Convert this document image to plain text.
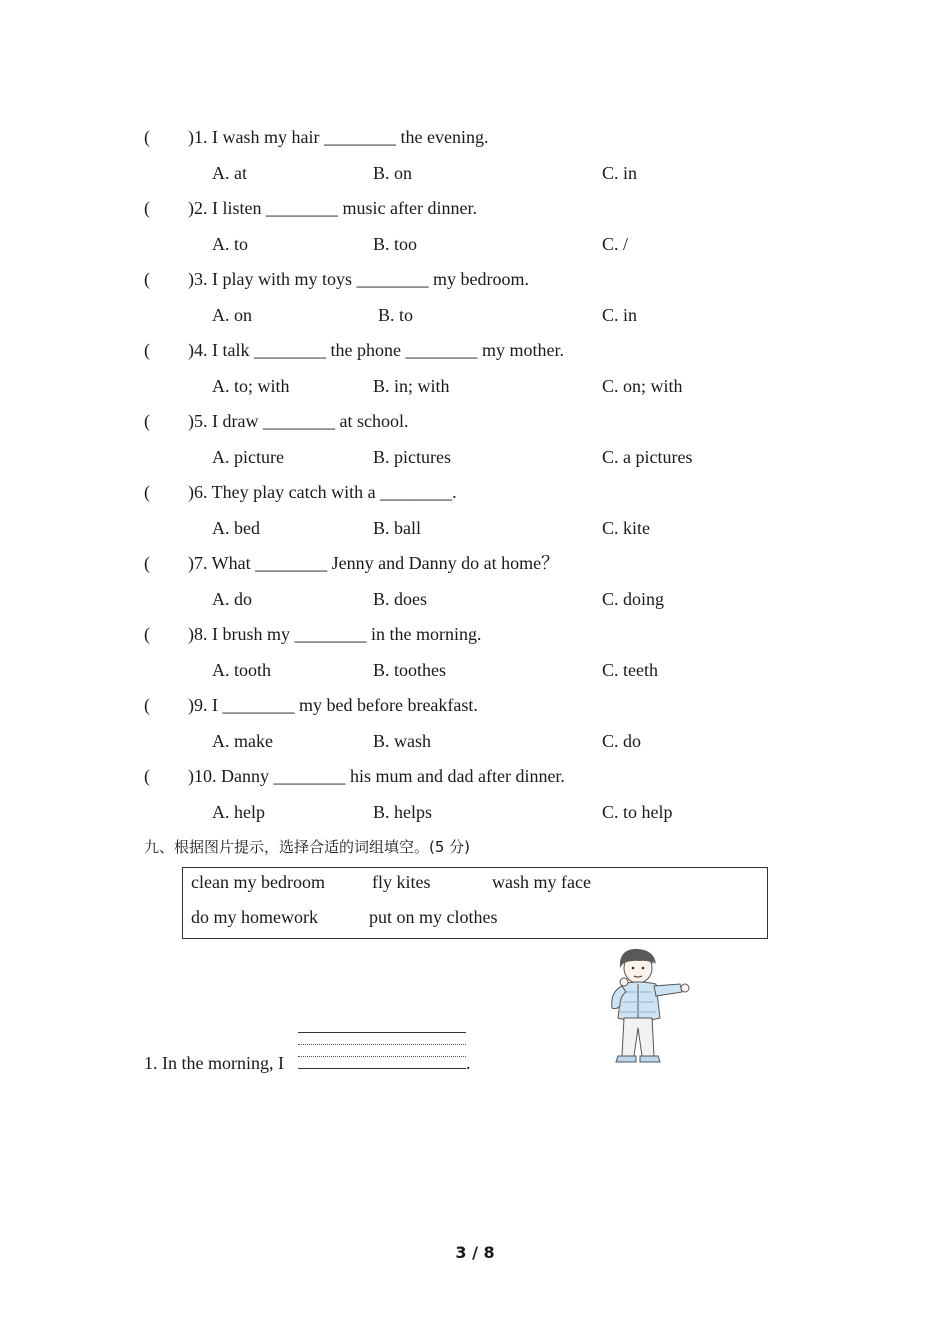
( ) 1. I wash my hair ________ the evening.
A. at	B. on	C. in
( ) 2. I listen ________ music after dinner.
A. to	B. too	C. /
( ) 3. I play with my toys ________ my bedroom.
A. on	B. to	C. in
( ) 4. I talk ________ the phone ________ my mother.
A. to; with	B. in; with	C. on; with
( ) 5. I draw ________ at school.
A. picture	B. pictures	C. a pictures
( ) 6. They play catch with a ________.
A. bed	B. ball	C. kite
( ) 7. What ________ Jenny and Danny do at home？
A. do	B. does	C. doing
( ) 8. I brush my ________ in the morning.
A. tooth	B. toothes	C. teeth
( ) 9. I ________ my bed before breakfast.
A. make	B. wash	C. do
( ) 10. Danny ________ his mum and dad after dinner.
A. help	B. helps	C. to help
九、根据图片提示，选择合适的词组填空。(5 分)
clean my bedroom	fly kites	wash my face
do my homework	put on my clothes
1. In the morning, I	.
3 / 8
